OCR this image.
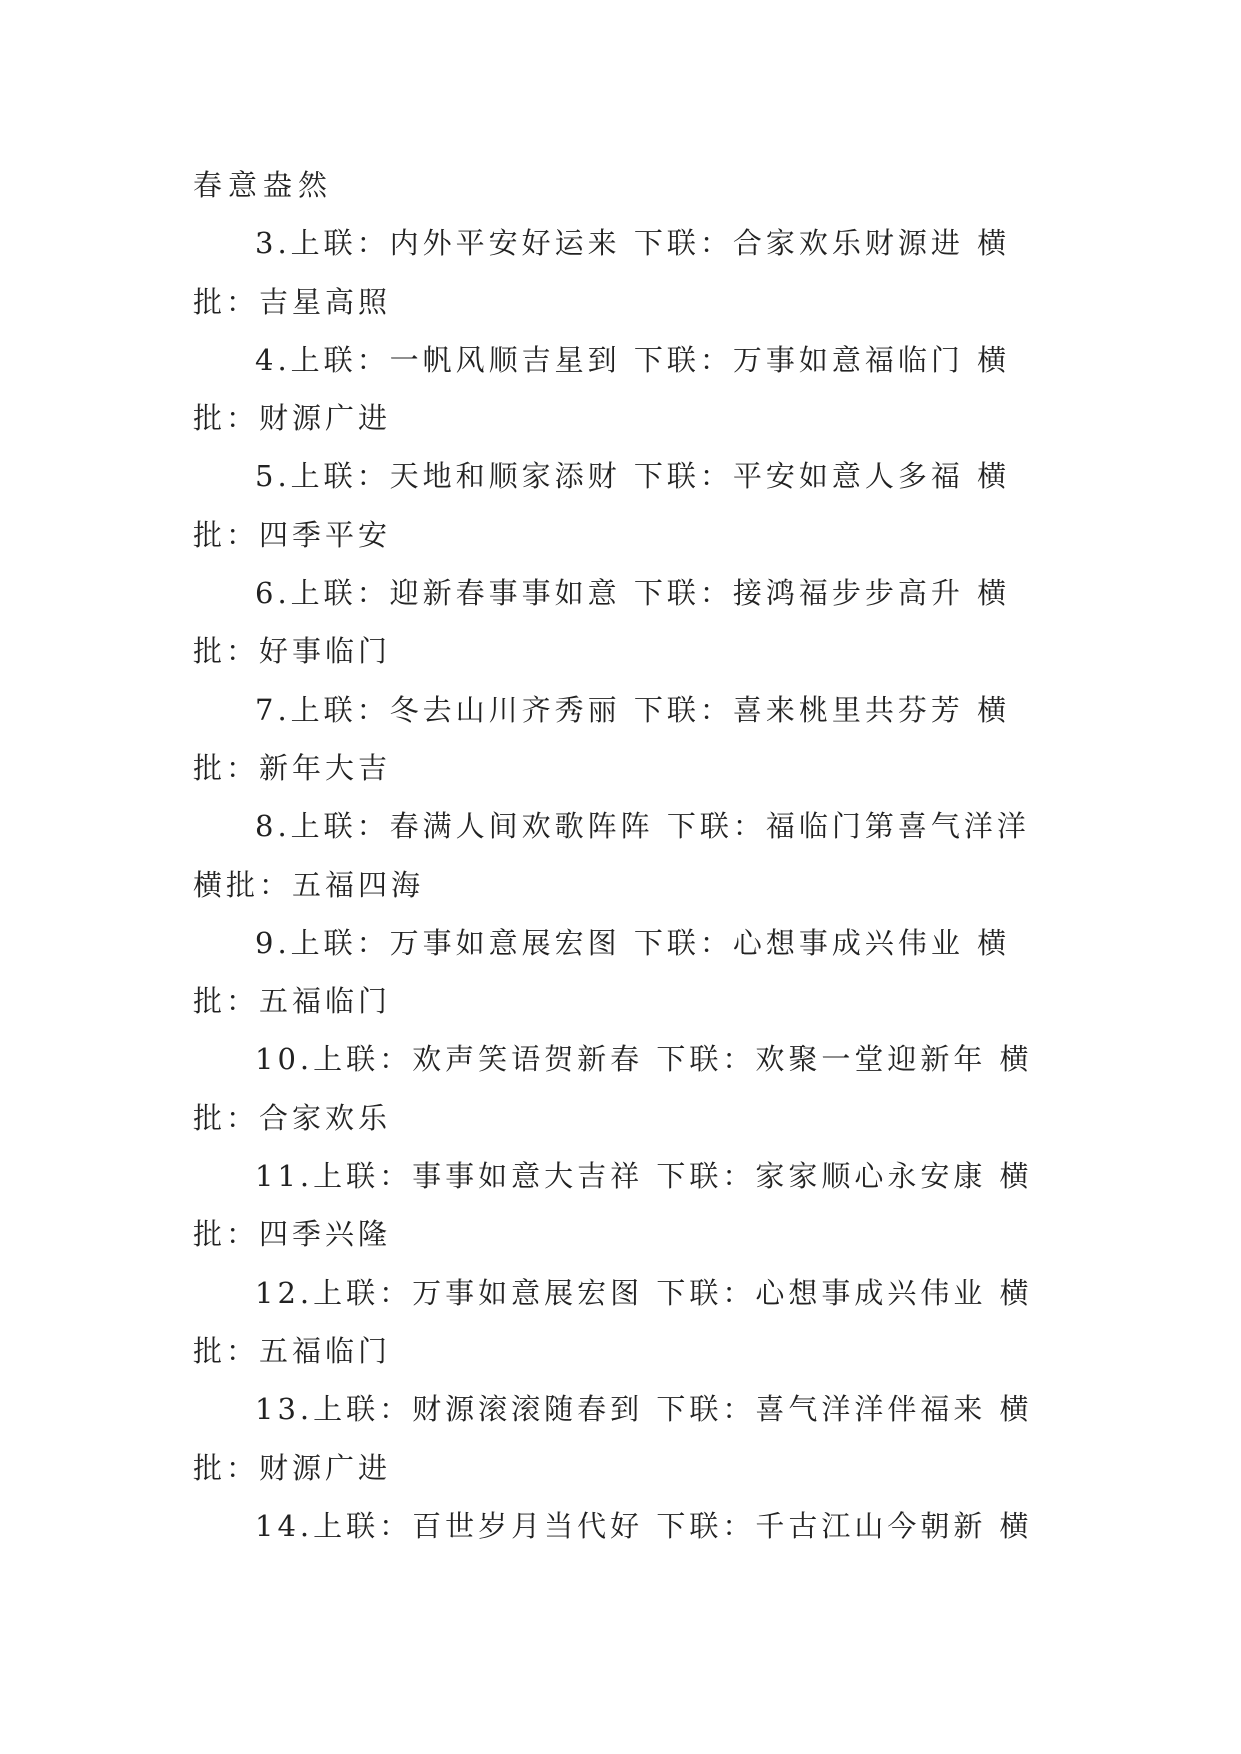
春意盎然
3.上联：内外平安好运来 下联：合家欢乐财源进 横批：吉星高照
4.上联：一帆风顺吉星到 下联：万事如意福临门 横批：财源广进
5.上联：天地和顺家添财 下联：平安如意人多福 横批：四季平安
6.上联：迎新春事事如意 下联：接鸿福步步高升 横批：好事临门
7.上联：冬去山川齐秀丽 下联：喜来桃里共芬芳 横批：新年大吉
8.上联：春满人间欢歌阵阵 下联：福临门第喜气洋洋 横批：五福四海
9.上联：万事如意展宏图 下联：心想事成兴伟业 横批：五福临门
10.上联：欢声笑语贺新春 下联：欢聚一堂迎新年 横批：合家欢乐
11.上联：事事如意大吉祥 下联：家家顺心永安康 横批：四季兴隆
12.上联：万事如意展宏图 下联：心想事成兴伟业 横批：五福临门
13.上联：财源滚滚随春到 下联：喜气洋洋伴福来 横批：财源广进
14.上联：百世岁月当代好 下联：千古江山今朝新 横
